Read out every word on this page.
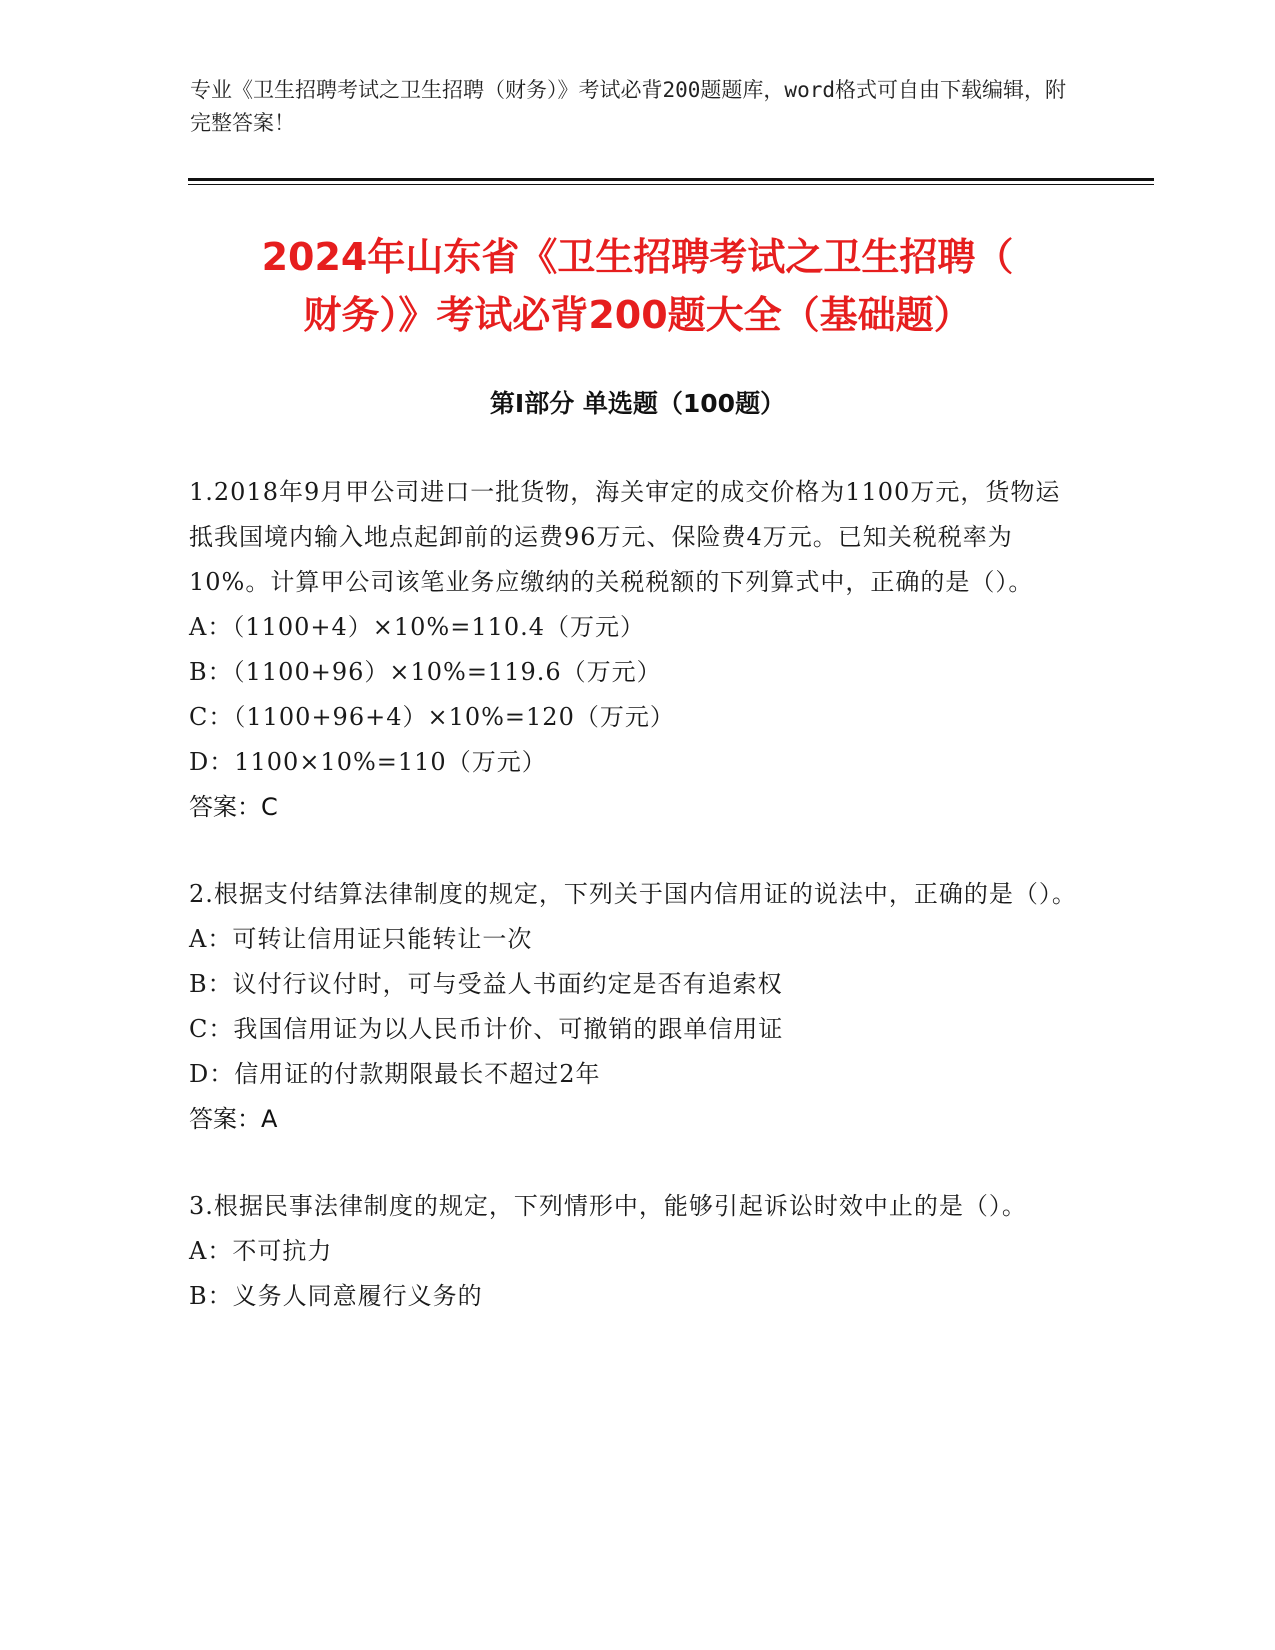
专业《卫生招聘考试之卫生招聘（财务）》考试必背200题题库，word格式可自由下载编辑，附完整答案！
2024年山东省《卫生招聘考试之卫生招聘（
财务）》考试必背200题大全（基础题）
第I部分 单选题（100题）
1.2018年9月甲公司进口一批货物，海关审定的成交价格为1100万元，货物运抵我国境内输入地点起卸前的运费96万元、保险费4万元。已知关税税率为10%。计算甲公司该笔业务应缴纳的关税税额的下列算式中，正确的是（）。
A：（1100+4）×10%=110.4（万元）
B：（1100+96）×10%=119.6（万元）
C：（1100+96+4）×10%=120（万元）
D：1100×10%=110（万元）
答案：C
2.根据支付结算法律制度的规定，下列关于国内信用证的说法中，正确的是（）。
A：可转让信用证只能转让一次
B：议付行议付时，可与受益人书面约定是否有追索权
C：我国信用证为以人民币计价、可撤销的跟单信用证
D：信用证的付款期限最长不超过2年
答案：A
3.根据民事法律制度的规定，下列情形中，能够引起诉讼时效中止的是（）。
A：不可抗力
B：义务人同意履行义务的
